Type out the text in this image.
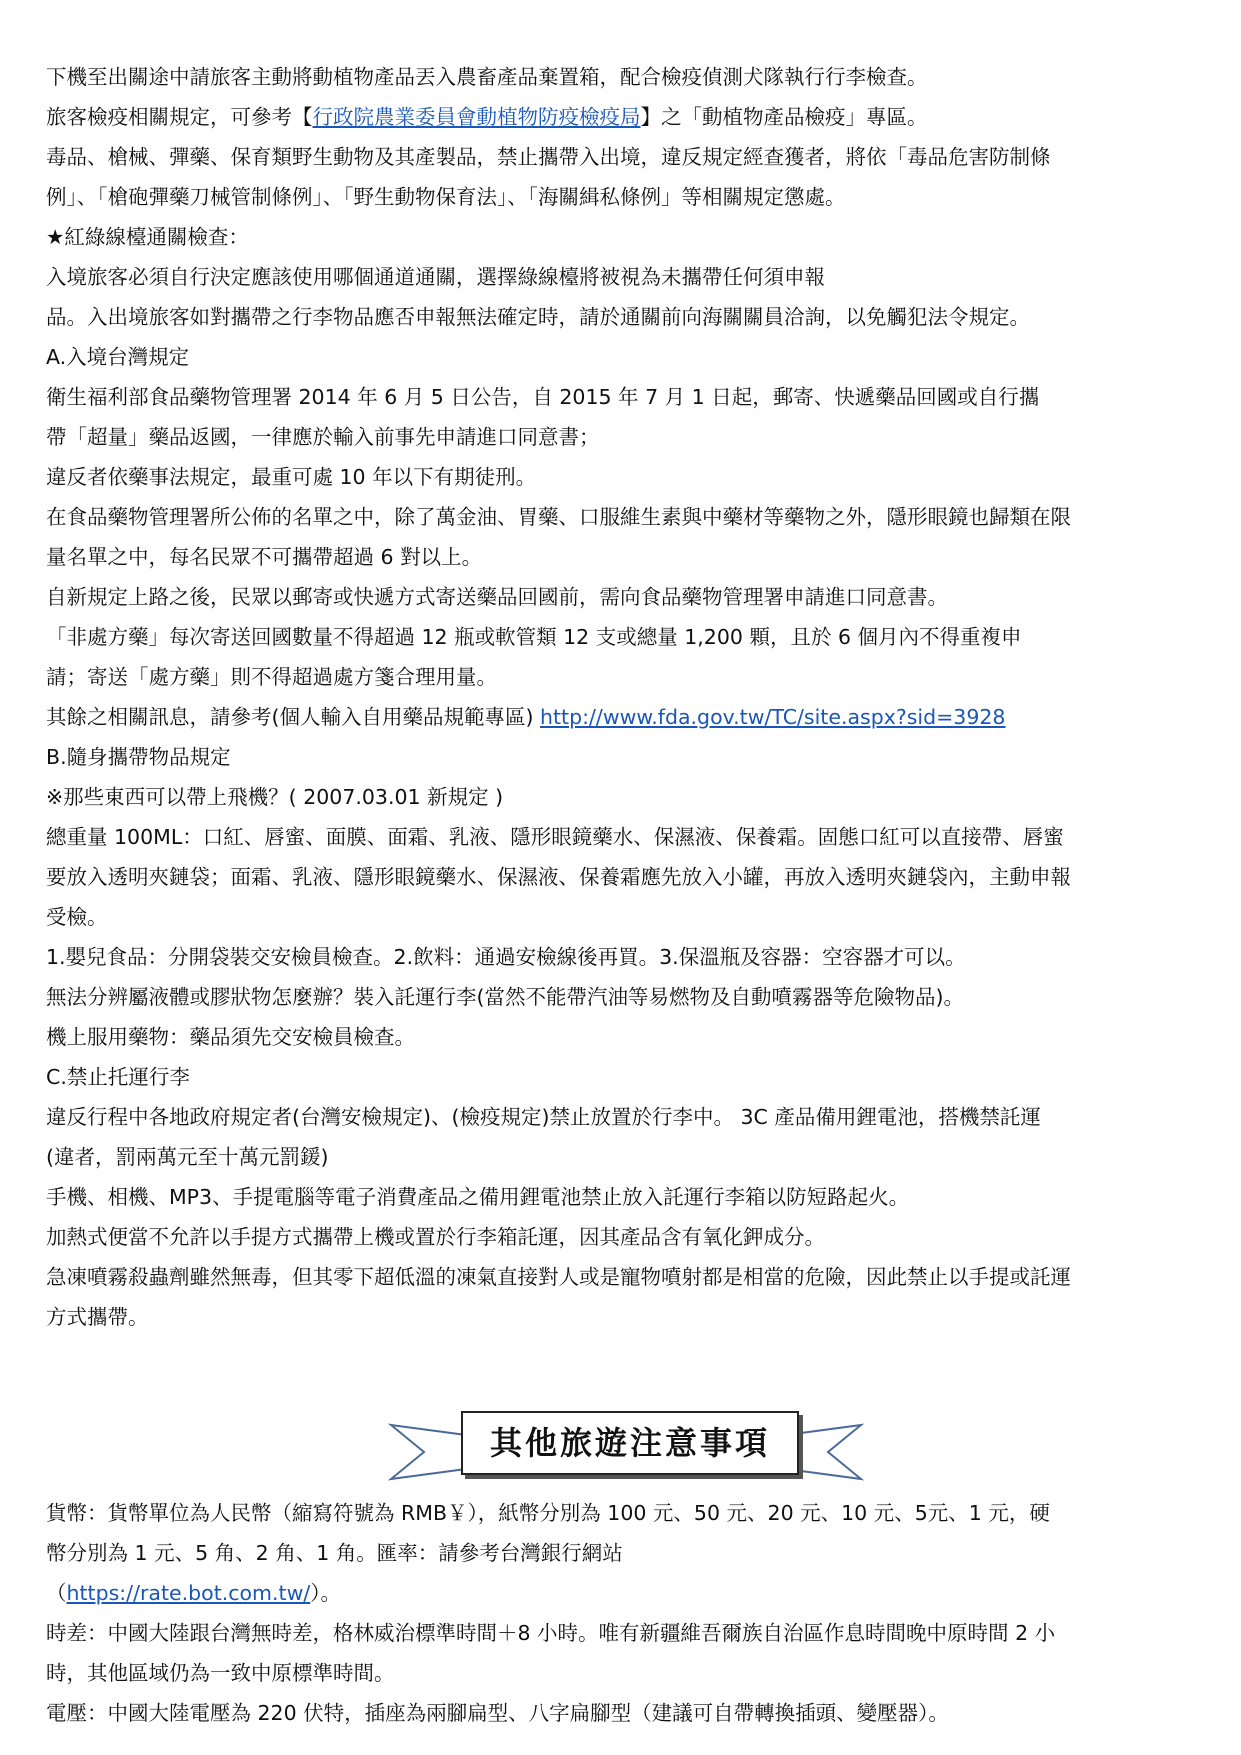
下機至出關途中請旅客主動將動植物產品丟入農畜產品棄置箱，配合檢疫偵測犬隊執行行李檢查。
旅客檢疫相關規定，可參考【行政院農業委員會動植物防疫檢疫局】之「動植物產品檢疫」專區。
毒品、槍械、彈藥、保育類野生動物及其產製品，禁止攜帶入出境，違反規定經查獲者，將依「毒品危害防制條
例」、「槍砲彈藥刀械管制條例」、「野生動物保育法」、「海關緝私條例」等相關規定懲處。
★紅綠線檯通關檢查：
入境旅客必須自行決定應該使用哪個通道通關，選擇綠線檯將被視為未攜帶任何須申報
品。入出境旅客如對攜帶之行李物品應否申報無法確定時，請於通關前向海關關員洽詢，以免觸犯法令規定。
A.入境台灣規定
衛生福利部食品藥物管理署 2014 年 6 月 5 日公告，自 2015 年 7 月 1 日起，郵寄、快遞藥品回國或自行攜
帶「超量」藥品返國，一律應於輸入前事先申請進口同意書；
違反者依藥事法規定，最重可處 10 年以下有期徒刑。
在食品藥物管理署所公佈的名單之中，除了萬金油、胃藥、口服維生素與中藥材等藥物之外，隱形眼鏡也歸類在限
量名單之中，每名民眾不可攜帶超過 6 對以上。
自新規定上路之後，民眾以郵寄或快遞方式寄送藥品回國前，需向食品藥物管理署申請進口同意書。
「非處方藥」每次寄送回國數量不得超過 12 瓶或軟管類 12 支或總量 1,200 顆，且於 6 個月內不得重複申
請；寄送「處方藥」則不得超過處方箋合理用量。
其餘之相關訊息，請參考(個人輸入自用藥品規範專區) http://www.fda.gov.tw/TC/site.aspx?sid=3928
B.隨身攜帶物品規定
※那些東西可以帶上飛機？( 2007.03.01 新規定 )
總重量 100ML：口紅、唇蜜、面膜、面霜、乳液、隱形眼鏡藥水、保濕液、保養霜。固態口紅可以直接帶、唇蜜
要放入透明夾鏈袋；面霜、乳液、隱形眼鏡藥水、保濕液、保養霜應先放入小罐，再放入透明夾鏈袋內，主動申報
受檢。
1.嬰兒食品：分開袋裝交安檢員檢查。2.飲料：通過安檢線後再買。3.保溫瓶及容器：空容器才可以。
無法分辨屬液體或膠狀物怎麼辦？裝入託運行李(當然不能帶汽油等易燃物及自動噴霧器等危險物品)。
機上服用藥物：藥品須先交安檢員檢查。
C.禁止托運行李
違反行程中各地政府規定者(台灣安檢規定)、(檢疫規定)禁止放置於行李中。 3C 產品備用鋰電池，搭機禁託運
(違者，罰兩萬元至十萬元罰鍰)
手機、相機、MP3、手提電腦等電子消費產品之備用鋰電池禁止放入託運行李箱以防短路起火。
加熱式便當不允許以手提方式攜帶上機或置於行李箱託運，因其產品含有氧化鉀成分。
急凍噴霧殺蟲劑雖然無毒，但其零下超低溫的凍氣直接對人或是寵物噴射都是相當的危險，因此禁止以手提或託運
方式攜帶。
其他旅遊注意事項
貨幣：貨幣單位為人民幣（縮寫符號為 RMB￥），紙幣分別為 100 元、50 元、20 元、10 元、5元、1 元，硬
幣分別為 1 元、5 角、2 角、1 角。匯率：請參考台灣銀行網站
（https://rate.bot.com.tw/）。
時差：中國大陸跟台灣無時差，格林威治標準時間＋8 小時。唯有新疆維吾爾族自治區作息時間晚中原時間 2 小
時，其他區域仍為一致中原標準時間。
電壓：中國大陸電壓為 220 伏特，插座為兩腳扁型、八字扁腳型（建議可自帶轉換插頭、變壓器）。
